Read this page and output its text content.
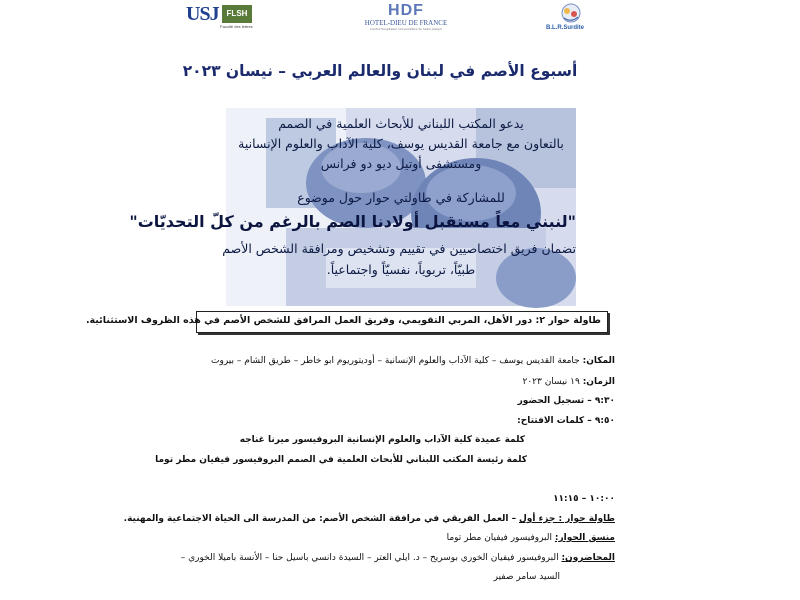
USJ FLSH
Faculté des lettres
HDF
HOTEL-DIEU DE FRANCE
Centre Hospitalier Universitaire de Saint-Joseph	B.L.R.Surdite
أسبوع الأصم في لبنان والعالم العربي – نيسان ٢٠٢٣
يدعو المكتب اللبناني للأبحاث العلمية في الصمم
بالتعاون مع جامعة القديس يوسف، كلية الآداب والعلوم الإنسانية
ومستشفى أوتيل ديو دو فرانس
للمشاركة في طاولتي حوار حول موضوع
"لنبني معاً مستقبل أولادنا الصم بالرغم من كلّ التحديّات"
تضمان فريق اختصاصيين في تقييم وتشخيص ومرافقة الشخص الأصم
طبيّاً، تربوياً، نفسيّاً واجتماعياً.
طاولة حوار ٢: دور الأهل، المربي التقويمي، وفريق العمل المرافق للشخص الأصم في هذه الظروف الاستثنائية.
المكان: جامعة القديس يوسف – كلية الآداب والعلوم الإنسانية – أوديتوريوم ابو خاطر – طريق الشام – بيروت
الزمان: ١٩ نيسان ٢٠٢٣
٩:٣٠ – تسجيل الحضور
٩:٥٠ – كلمات الافتتاح:
كلمة عميدة كلية الآداب والعلوم الإنسانية البروفيسور ميرنا غناجه
كلمة رئيسة المكتب اللبناني للأبحاث العلمية في الصمم البروفيسور فيفيان مطر توما
١٠:٠٠ – ١١:١٥
طاولة حوار : جزء أول – العمل الفريقي في مرافقة الشخص الأصم: من المدرسة الى الحياة الاجتماعية والمهنية.
منسق الحوار: البروفيسور فيفيان مطر توما
المحاضرون: البروفيسور فيفيان الخوري بوسريح – د. ايلي العتر – السيدة دانسي باسيل حنا – الأنسة باميلا الخوري –
السيد سامر صفير
